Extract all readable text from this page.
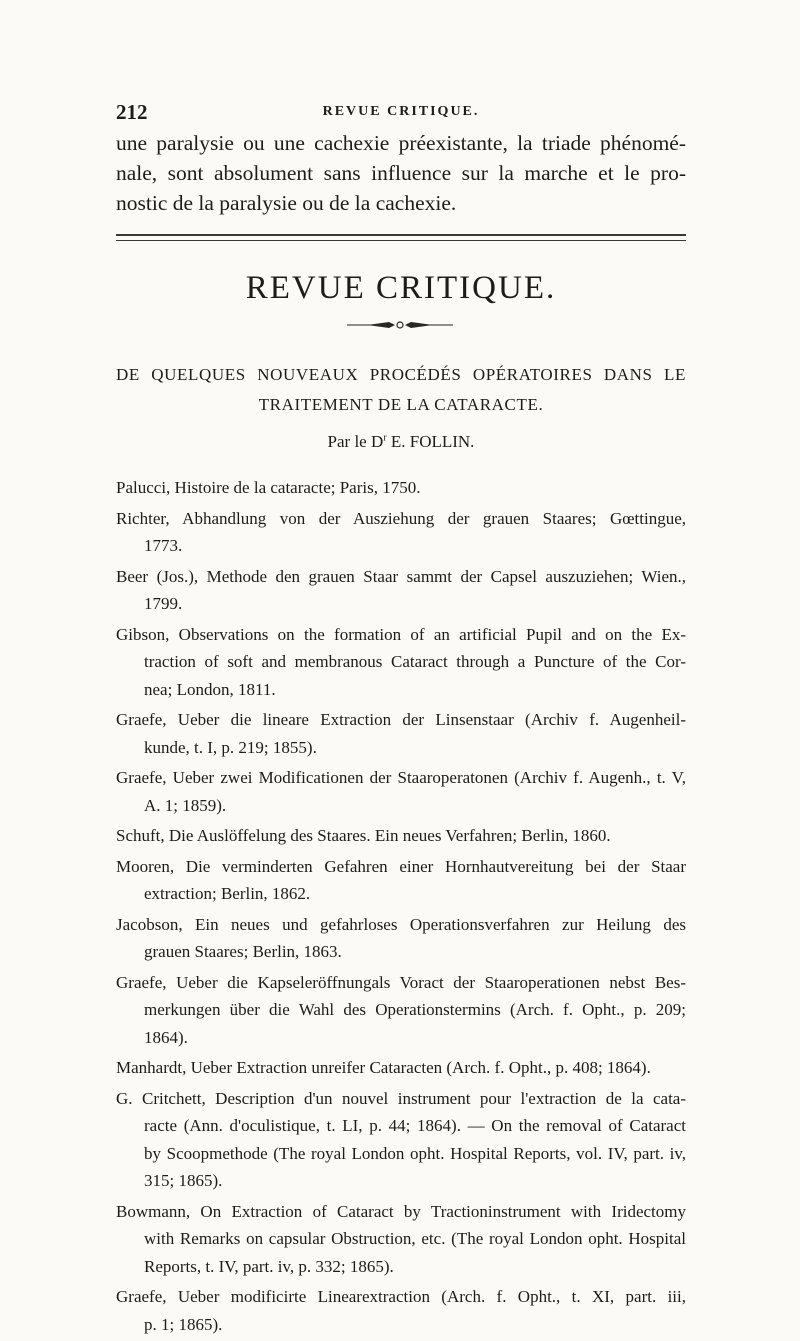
212	REVUE CRITIQUE.
une paralysie ou une cachexie préexistante, la triade phénomé-
nale, sont absolument sans influence sur la marche et le pro-
nostic de la paralysie ou de la cachexie.
REVUE CRITIQUE.
DE QUELQUES NOUVEAUX PROCÉDÉS OPÉRATOIRES DANS LE
TRAITEMENT DE LA CATARACTE.
Par le $D^r$ E. FOLLIN.
Palucci, Histoire de la cataracte; Paris, 1750.
Richter, Abhandlung von der Ausziehung der grauen Staares; Gœttingue,
1773.
Beer (Jos.), Methode den grauen Staar sammt der Capsel auszuziehen; Wien.,
1799.
Gibson, Observations on the formation of an artificial Pupil and on the Ex-
traction of soft and membranous Cataract through a Puncture of the Cor-
nea; London, 1811.
Graefe, Ueber die lineare Extraction der Linsenstaar (Archiv f. Augenheil-
kunde, t. I, p. 219; 1855).
Graefe, Ueber zwei Modificationen der Staaroperatonen (Archiv f. Augenh., t. V,
A. 1; 1859).
Schuft, Die Auslöffelung des Staares. Ein neues Verfahren; Berlin, 1860.
Mooren, Die verminderten Gefahren einer Hornhautvereitung bei der Staar
extraction; Berlin, 1862.
Jacobson, Ein neues und gefahrloses Operationsverfahren zur Heilung des
grauen Staares; Berlin, 1863.
Graefe, Ueber die Kapseleröffnungals Voract der Staaroperationen nebst Bes-
merkungen über die Wahl des Operationstermins (Arch. f. Opht., p. 209;
1864).
Manhardt, Ueber Extraction unreifer Cataracten (Arch. f. Opht., p. 408; 1864).
G. Critchett, Description d'un nouvel instrument pour l'extraction de la cata-
racte (Ann. d'oculistique, t. LI, p. 44; 1864). — On the removal of Cataract
by Scoopmethode (The royal London opht. Hospital Reports, vol. IV, part. iv,
315; 1865).
Bowmann, On Extraction of Cataract by Tractioninstrument with Iridectomy
with Remarks on capsular Obstruction, etc. (The royal London opht. Hospital
Reports, t. IV, part. iv, p. 332; 1865).
Graefe, Ueber modificirte Linearextraction (Arch. f. Opht., t. XI, part. iii,
p. 1; 1865).
